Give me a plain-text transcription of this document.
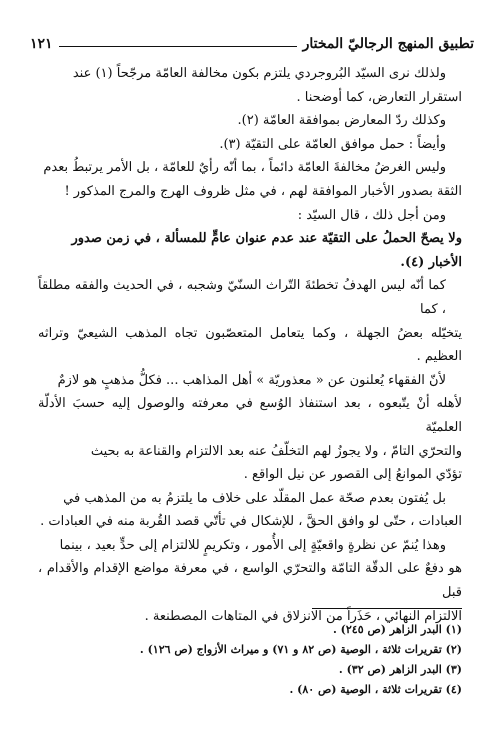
تطبيق المنهج الرجاليّ المختار
١٢١

ولذلك نرى السيّد البُروجردي يلتزم بكون مخالفة العامّة مرجّحاً (١) عند

استقرار التعارض، كما أوضحنا .

وكذلك ردّ المعارض بموافقة العامّة (٢).

وأيضاً : حمل موافق العامّة على التقيّة (٣).

وليس الغرضُ مخالفةَ العامّة دائماً ، بما أنّه رأيٌ للعامّة ، بل الأمر يرتبطُ بعدم

الثقة بصدور الأخبار الموافقة لهم ، في مثل ظروف الهرج والمرج المذكور !

ومن أجل ذلك ، قال السيّد :

ولا يصحّ الحملُ على التقيّة عند عدم عنوان عامٍّ للمسألة ، في زمن صدور

الأخبار (٤).

كما أنّه ليس الهدفُ تخطئةَ التّراث السنّيّ وشجبه ، في الحديث والفقه مطلقاً ، كما

يتخيّله بعضُ الجهلة ، وكما يتعامل المتعصّبون تجاه المذهب الشيعيّ وتراثه العظيم .

لأنّ الفقهاء يُعلنون عن « معذوريّة » أهل المذاهب ... فكلُّ مذهبٍ هو لازمٌ

لأهله أنْ يتّبعوه ، بعد استنفاذ الوُسع في معرفته والوصول إليه حسبَ الأدلّة العلميّة

والتحرّي التامّ ، ولا يجوزُ لهم التخلّفُ عنه بعد الالتزام والقناعة به بحيث

تؤدّي الموانعُ إلى القصور عن نيل الواقع .

بل يُفتون بعدم صحّة عمل المقلّد على خلاف ما يلتزمُ به من المذهب في

العبادات ، حتّى لو وافق الحقَّ ، للإشكال في تأتّي قصد القُربة منه في العبادات .

وهذا يُنمّ عن نظرةٍ واقعيّةٍ إلى الأُمور ، وتكريمٍ للالتزام إلى حدٍّ بعيد ، بينما

هو دفعٌ على الدقّة التامّة والتحرّي الواسع ، في معرفة مواضع الإقدام والأقدام ، قبل

الالتزام النهائي ، حَذَراً من الانزلاق في المتاهات المصطنعة .

(١) البدر الزاهر (ص ٢٤٥) .

(٢) تقريرات ثلاثة ، الوصية (ص ٨٢ و ٧١) و ميراث الأزواج (ص ١٢٦) .

(٣) البدر الزاهر (ص ٣٢) .

(٤) تقريرات ثلاثة ، الوصية (ص ٨٠) .
